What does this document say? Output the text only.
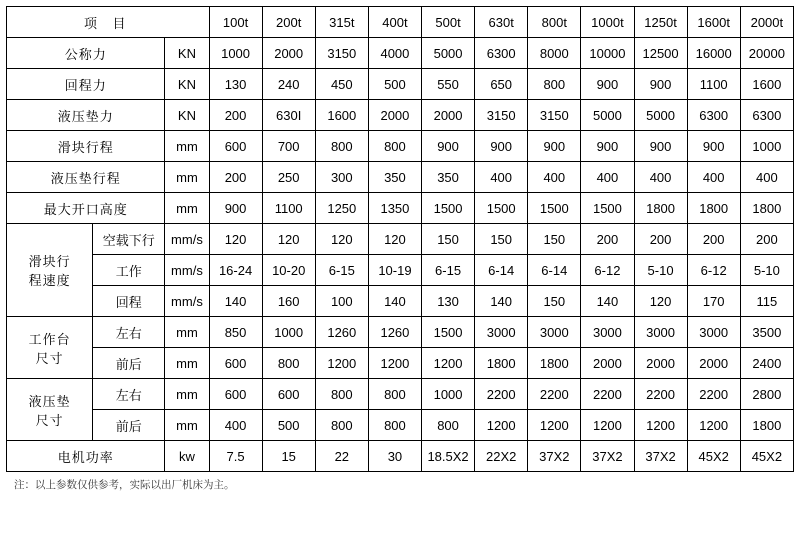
项 目			100t	200t	315t	400t	500t	630t	800t	1000t	1250t	1600t	2000t
公称力		KN	1000	2000	3150	4000	5000	6300	8000	10000	12500	16000	20000
回程力		KN	130	240	450	500	550	650	800	900	900	1100	1600
液压垫力		KN	200	630I	1600	2000	2000	3150	3150	5000	5000	6300	6300
滑块行程		mm	600	700	800	800	900	900	900	900	900	900	1000
液压垫行程		mm	200	250	300	350	350	400	400	400	400	400	400
最大开口高度		mm	900	1100	1250	1350	1500	1500	1500	1500	1800	1800	1800

滑块行
程速度	空载下行	mm/s	120	120	120	120	150	150	150	200	200	200	200
	工作	mm/s	16-24	10-20	6-15	10-19	6-15	6-14	6-14	6-12	5-10	6-12	5-10
	回程	mm/s	140	160	100	140	130	140	150	140	120	170	115

工作台
尺寸	左右	mm	850	1000	1260	1260	1500	3000	3000	3000	3000	3000	3500
	前后	mm	600	800	1200	1200	1200	1800	1800	2000	2000	2000	2400

液压垫
尺寸	左右	mm	600	600	800	800	1000	2200	2200	2200	2200	2200	2800
	前后	mm	400	500	800	800	800	1200	1200	1200	1200	1200	1800
电机功率		kw	7.5	15	22	30	18.5X2	22X2	37X2	37X2	37X2	45X2	45X2
注：以上参数仅供参考，实际以出厂机床为主。
